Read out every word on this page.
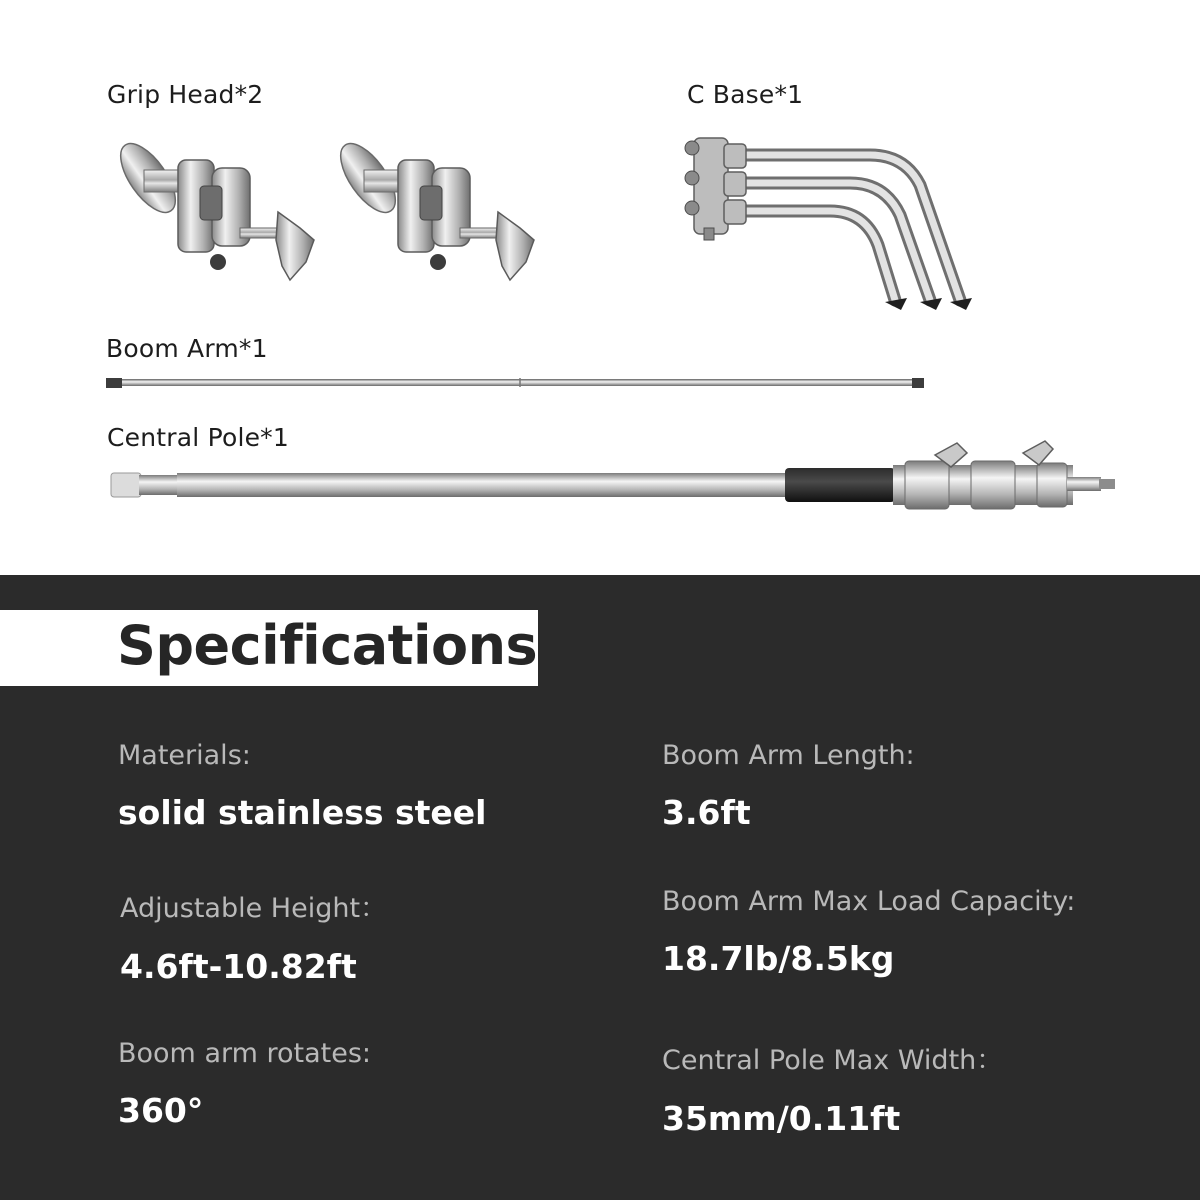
Grip Head*2	C Base*1
Boom Arm*1
Central Pole*1
Specifications
Materials:
solid stainless steel
Boom Arm Length:
3.6ft
Adjustable Height：
4.6ft-10.82ft
Boom Arm Max Load Capacity:
18.7lb/8.5kg
Boom arm rotates:
360°
Central Pole Max Width：
35mm/0.11ft
